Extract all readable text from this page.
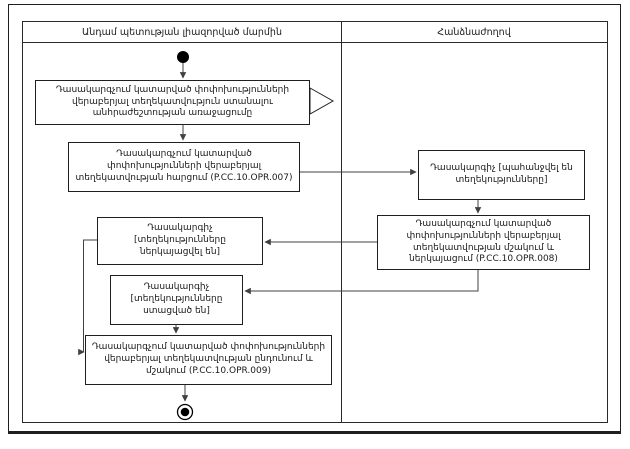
Անդամ պետության լիազորված մարմին	Հանձնաժողով
Դասակարգչում կատարված փոփոխությունների վերաբերյալ տեղեկատվություն ստանալու անհրաժեշտության առաջացումը
Դասակարգչում կատարված փոփոխությունների վերաբերյալ տեղեկատվության հարցում (P.CC.10.OPR.007)
Դասակարգիչ [պահանջվել են տեղեկությունները]
Դասակարգչում կատարված փոփոխությունների վերաբերյալ տեղեկատվության մշակում և ներկայացում (P.CC.10.OPR.008)
Դասակարգիչ [տեղեկությունները ներկայացվել են]
Դասակարգիչ [տեղեկությունները ստացված են]
Դասակարգչում կատարված փոփոխությունների վերաբերյալ տեղեկատվության ընդունում և մշակում (P.CC.10.OPR.009)
